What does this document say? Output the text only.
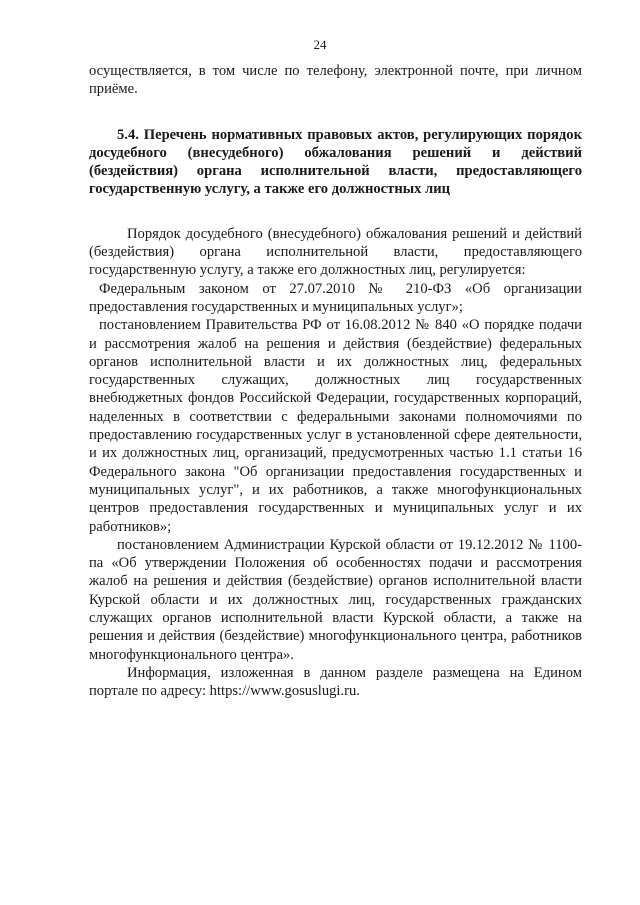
24

осуществляется, в том числе по телефону, электронной почте, при личном приёме.

5.4. Перечень нормативных правовых актов, регулирующих порядок досудебного (внесудебного) обжалования решений и действий (бездействия) органа исполнительной власти, предоставляющего государственную услугу, а также его должностных лиц

Порядок досудебного (внесудебного) обжалования решений и действий (бездействия) органа исполнительной власти, предоставляющего государственную услугу, а также его должностных лиц, регулируется:

Федеральным законом от 27.07.2010 № 210-ФЗ «Об организации предоставления государственных и муниципальных услуг»;

постановлением Правительства РФ от 16.08.2012 № 840 «О порядке подачи и рассмотрения жалоб на решения и действия (бездействие) федеральных органов исполнительной власти и их должностных лиц, федеральных государственных служащих, должностных лиц государственных внебюджетных фондов Российской Федерации, государственных корпораций, наделенных в соответствии с федеральными законами полномочиями по предоставлению государственных услуг в установленной сфере деятельности, и их должностных лиц, организаций, предусмотренных частью 1.1 статьи 16 Федерального закона "Об организации предоставления государственных и муниципальных услуг", и их работников, а также многофункциональных центров предоставления государственных и муниципальных услуг и их работников»;

постановлением Администрации Курской области от 19.12.2012 № 1100-па «Об утверждении Положения об особенностях подачи и рассмотрения жалоб на решения и действия (бездействие) органов исполнительной власти Курской области и их должностных лиц, государственных гражданских служащих органов исполнительной власти Курской области, а также на решения и действия (бездействие) многофункционального центра, работников многофункционального центра».

Информация, изложенная в данном разделе размещена на Едином портале по адресу: https://www.gosuslugi.ru.
